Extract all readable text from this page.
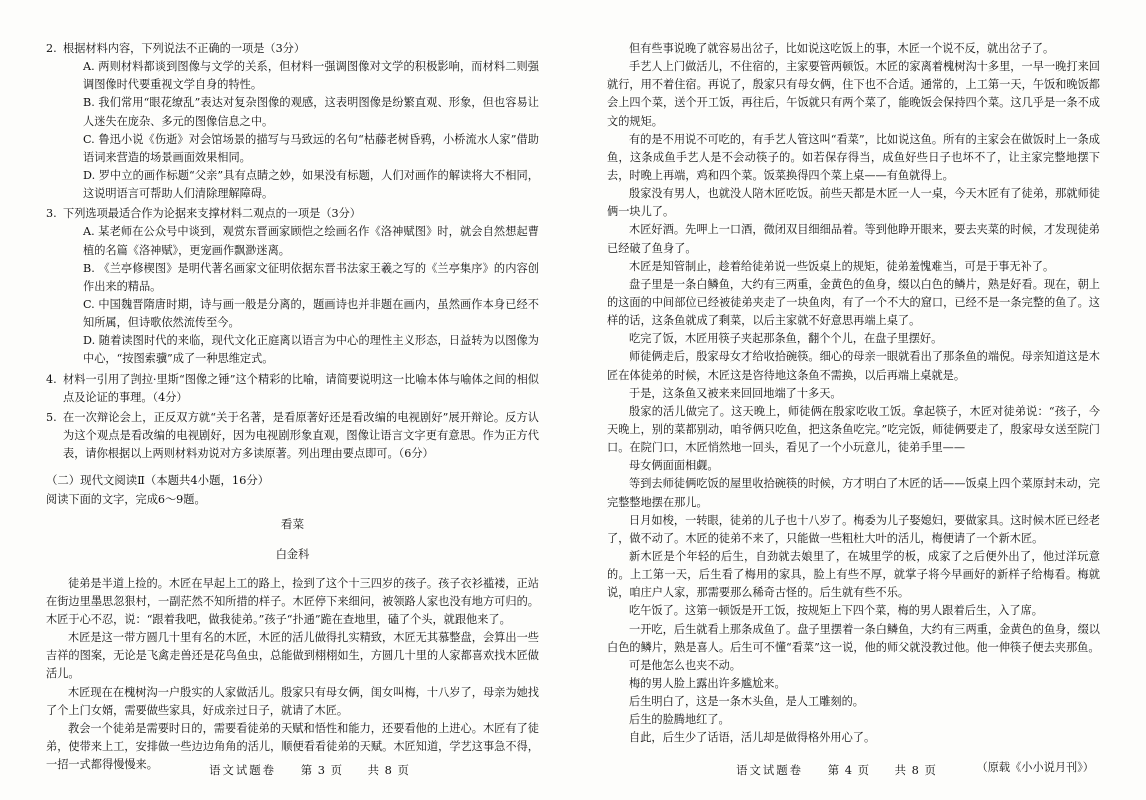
2. 根据材料内容，下列说法不正确的一项是（3分）

A. 两则材料都谈到图像与文学的关系，但材料一强调图像对文学的积极影响，而材料二则强调图像时代要重视文学自身的特性。

B. 我们常用“眼花缭乱”表达对复杂图像的观感，这表明图像是纷繁直观、形象，但也容易让人迷失在庞杂、多元的图像信息之中。

C. 鲁迅小说《伤逝》对会馆场景的描写与马致远的名句“枯藤老树昏鸦，小桥流水人家”借助语词来营造的场景画面效果相同。

D. 罗中立的画作标题“父亲”具有点睛之妙，如果没有标题，人们对画作的解读将大不相同，这说明语言可帮助人们清除理解障碍。

3. 下列选项最适合作为论据来支撑材料二观点的一项是（3分）

A. 某老师在公众号中谈到，观赏东晋画家顾恺之绘画名作《洛神赋图》时，就会自然想起曹植的名篇《洛神赋》，更宠画作飘渺迷离。

B. 《兰亭修楔图》是明代著名画家文征明依据东晋书法家王羲之写的《兰亭集序》的内容创作出来的精品。

C. 中国魏晋隋唐时期，诗与画一般是分离的，题画诗也并非题在画内，虽然画作本身已经不知所属，但诗歌依然流传至今。

D. 随着读图时代的来临，现代文化正庭离以语言为中心的理性主义形态，日益转为以图像为中心，“按图索骥”成了一种思维定式。

4. 材料一引用了剀拉·里斯“图像之锤”这个精彩的比喻，请简要说明这一比喻本体与喻体之间的相似点及论证的事理。（4分）

5. 在一次辩论会上，正反双方就“关于名著，是看原著好还是看改编的电视剧好”展开辩论。反方认为这个观点是看改编的电视剧好，因为电视剧形象直观，图像让语言文字更有意思。作为正方代表，请你根据以上两则材料劝说对方多读原著。列出理由要点即可。（6分）

（二）现代文阅读Ⅱ（本题共4小题，16分）

阅读下面的文字，完成6～9题。

看菜

白金科

徒弟是半道上捡的。木匠在早起上工的路上，捡到了这个十三四岁的孩子。孩子衣衫褴褛，正站在街边里墨思忽狠村，一副茫然不知所措的样子。木匠停下来细问，被领路人家也没有地方可归的。木匠于心不忍，说：“跟着我吧，做我徒弟。”孩子“扑通”跪在查地里，磕了个头，就跟他来了。

木匠是这一带方圆几十里有名的木匠，木匠的活儿做得扎实精致，木匠无其慕整盘，会算出一些吉祥的图案，无论是飞禽走兽还是花鸟鱼虫，总能做到栩栩如生，方圆几十里的人家都喜欢找木匠做活儿。

木匠现在在槐树沟一户殷实的人家做活儿。殷家只有母女俩，闺女叫梅，十八岁了，母亲为她找了个上门女婿，需要做些家具，好成亲过日子，就请了木匠。

教会一个徒弟是需要时日的，需要看徒弟的天赋和悟性和能力，还要看他的上进心。木匠有了徒弟，使带来上工，安排做一些边边角角的活儿，顺便看看徒弟的天赋。木匠知道，学艺这事急不得，一招一式都得慢慢来。	语文试题卷 第 3 页 共 8 页

但有些事说晚了就容易出岔子，比如说这吃饭上的事，木匠一个说不反，就出岔子了。

手艺人上门做活儿，不住宿的，主家要管两顿饭。木匠的家离着槐树沟十多里，一早一晚打来回就行，用不着住宿。再说了，殷家只有母女俩，住下也不合适。通常的，上工第一天，午饭和晚饭都会上四个菜，送个开工饭，再往后，午饭就只有两个菜了，能晚饭会保持四个菜。这几乎是一条不成文的规矩。

有的是不用说不可吃的，有手艺人管这叫“看菜”，比如说这鱼。所有的主家会在做饭时上一条成鱼，这条成鱼手艺人是不会动筷子的。如若保存得当，成鱼好些日子也坏不了，让主家完整地摆下去，时晚上再端，鸡和四个菜。饭菜换得四个菜上桌——有鱼就得上。

殷家没有男人，也就没人陪木匠吃饭。前些天都是木匠一人一桌，今天木匠有了徒弟，那就师徒俩一块儿了。

木匠好酒。先呷上一口酒，微闭双目细细品着。等到他睁开眼来，要去夹菜的时候，才发现徒弟已经破了鱼身了。

木匠是知管制止，趁着给徒弟说一些饭桌上的规矩，徒弟羞愧难当，可是于事无补了。

盘子里是一条白鳞鱼，大约有三两重，金黄色的鱼身，缀以白色的鳞片，熟是好看。现在，朝上的这面的中间部位已经被徒弟夹走了一块鱼肉，有了一个不大的窟口，已经不是一条完整的鱼了。这样的话，这条鱼就成了剩菜，以后主家就不好意思再端上桌了。

吃完了饭，木匠用筷子夹起那条鱼，翻个个儿，在盘子里摆好。

师徒俩走后，殷家母女才给收拾碗筷。细心的母亲一眼就看出了那条鱼的端倪。母亲知道这是木匠在体徒弟的时候，木匠这是咨待地这条鱼不需换，以后再端上桌就是。

于是，这条鱼又被来来回回地端了十多天。

殷家的活儿做完了。这天晚上，师徒俩在殷家吃收工饭。拿起筷子，木匠对徒弟说：“孩子，今天晚上，别的菜都别动，咱爷俩只吃鱼，把这条鱼吃完。”吃完饭，师徒俩要走了，殷家母女送至院门口。在院门口，木匠悄然地一回头，看见了一个小玩意儿，徒弟手里——

母女俩面面相觑。

等到去师徒俩吃饭的屋里收拾碗筷的时候，方才明白了木匠的话——饭桌上四个菜原封未动，完完整整地摆在那儿。

日月如梭，一转眼，徒弟的儿子也十八岁了。梅委为儿子娶媳妇，要做家具。这时候木匠已经老了，做不动了。木匠的徒弟不来了，只能做一些粗杜大叶的活儿，梅便请了一个新木匠。

新木匠是个年轻的后生，自劲就去娘里了，在城里学的板，成家了之后便外出了，他过洋玩意的。上工第一天，后生看了梅用的家具，脸上有些不厚，就掌子将今早画好的新样子给梅看。梅就说，咱庄户人家，那需要那么稀奇古怪的。后生就有些不乐。

吃午饭了。这第一顿饭是开工饭，按规矩上下四个菜，梅的男人跟着后生，入了席。

一开吃，后生就看上那条成鱼了。盘子里摆着一条白鳞鱼，大约有三两重，金黄色的鱼身，缀以白色的鳞片，熟是喜人。后生可不懂“看菜”这一说，他的师父就没教过他。他一伸筷子便去夹那鱼。

可是他怎么也夹不动。

梅的男人脸上露出许多尴尬来。

后生明白了，这是一条木头鱼，是人工雕刻的。

后生的脸腾地红了。

自此，后生少了话语，活儿却是做得格外用心了。

（原载《小小说月刊》）

语文试题卷 第 4 页 共 8 页
